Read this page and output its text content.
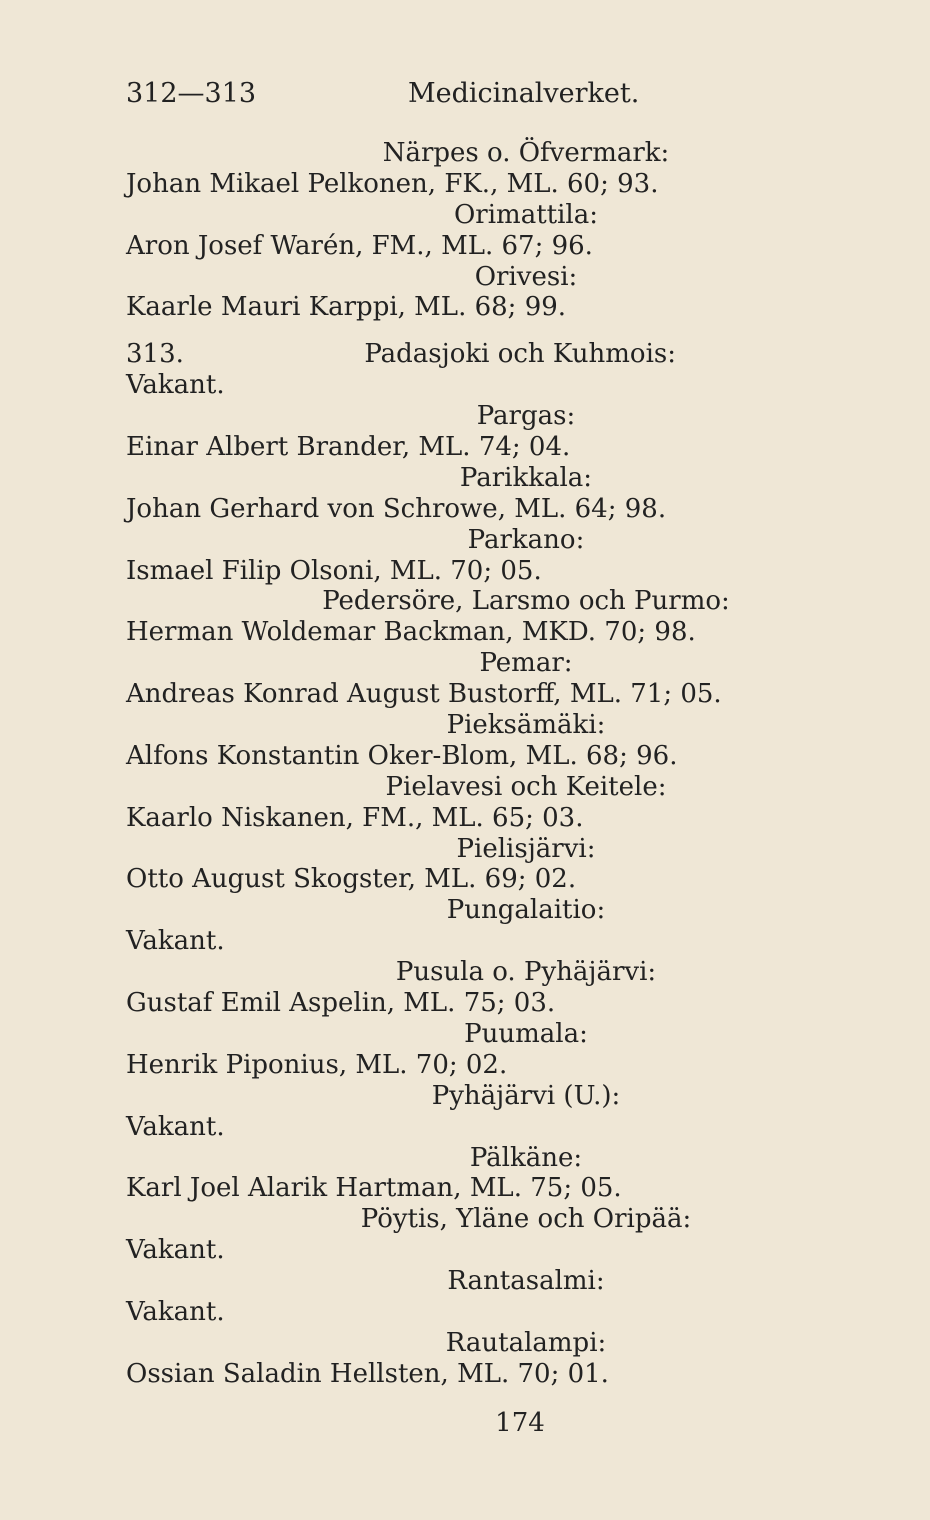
312—313	Medicinalverket.
Närpes o. Öfvermark:
Johan Mikael Pelkonen, FK., ML. 60; 93.
Orimattila:
Aron Josef Warén, FM., ML. 67; 96.
Orivesi:
Kaarle Mauri Karppi, ML. 68; 99.
313.	Padasjoki och Kuhmois:
Vakant.
Pargas:
Einar Albert Brander, ML. 74; 04.
Parikkala:
Johan Gerhard von Schrowe, ML. 64; 98.
Parkano:
Ismael Filip Olsoni, ML. 70; 05.
Pedersöre, Larsmo och Purmo:
Herman Woldemar Backman, MKD. 70; 98.
Pemar:
Andreas Konrad August Bustorff, ML. 71; 05.
Pieksämäki:
Alfons Konstantin Oker-Blom, ML. 68; 96.
Pielavesi och Keitele:
Kaarlo Niskanen, FM., ML. 65; 03.
Pielisjärvi:
Otto August Skogster, ML. 69; 02.
Pungalaitio:
Vakant.
Pusula o. Pyhäjärvi:
Gustaf Emil Aspelin, ML. 75; 03.
Puumala:
Henrik Piponius, ML. 70; 02.
Pyhäjärvi (U.):
Vakant.
Pälkäne:
Karl Joel Alarik Hartman, ML. 75; 05.
Pöytis, Yläne och Oripää:
Vakant.
Rantasalmi:
Vakant.
Rautalampi:
Ossian Saladin Hellsten, ML. 70; 01.
174
